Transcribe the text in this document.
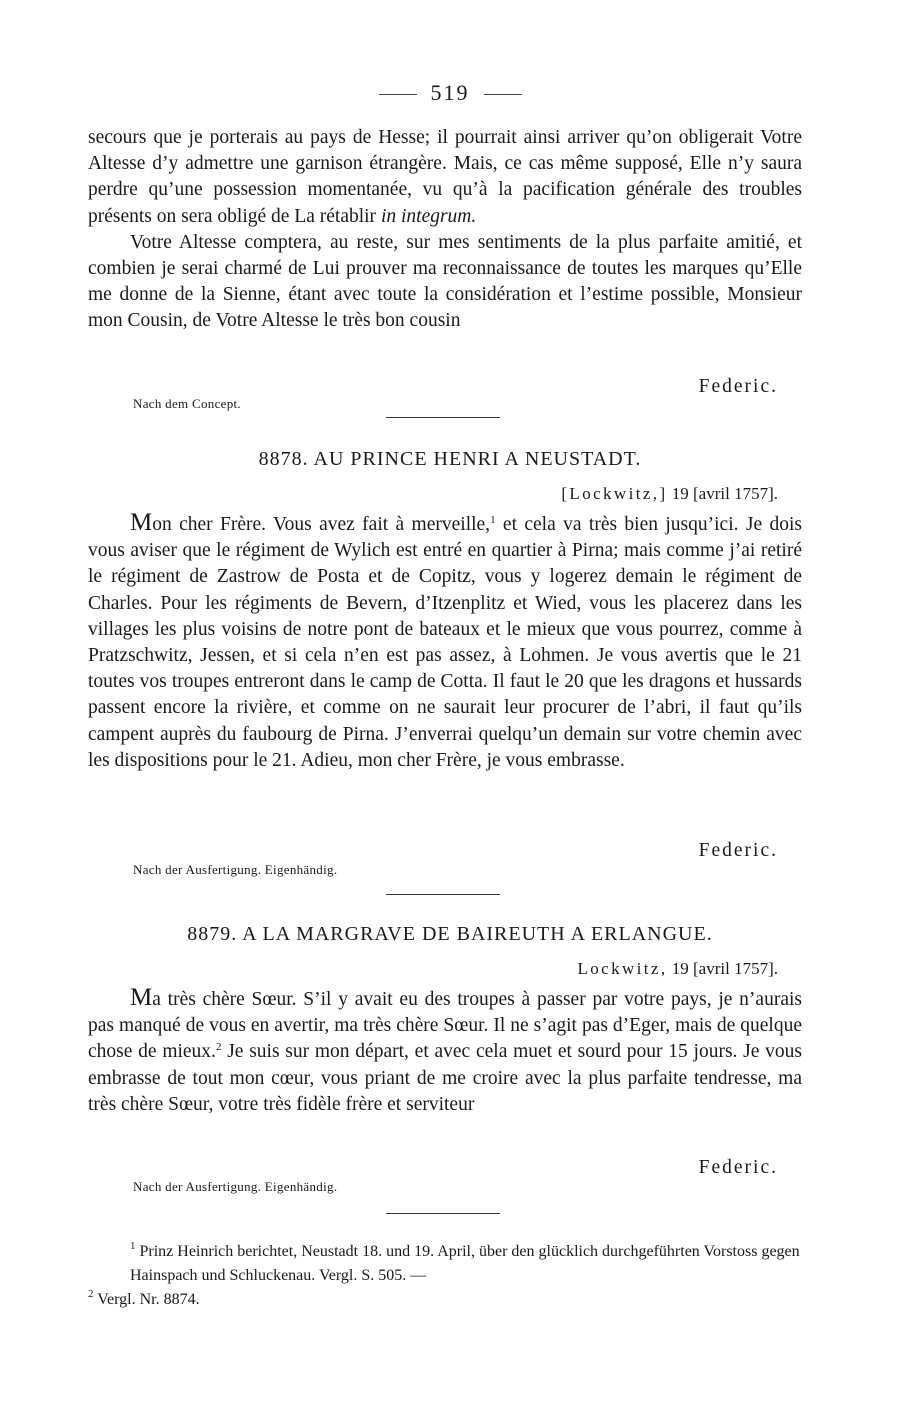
519

secours que je porterais au pays de Hesse; il pourrait ainsi arriver qu’on obligerait Votre Altesse d’y admettre une garnison étrangère. Mais, ce cas même supposé, Elle n’y saura perdre qu’une possession momentanée, vu qu’à la pacification générale des troubles présents on sera obligé de La rétablir in integrum.

Votre Altesse comptera, au reste, sur mes sentiments de la plus parfaite amitié, et combien je serai charmé de Lui prouver ma reconnaissance de toutes les marques qu’Elle me donne de la Sienne, étant avec toute la considération et l’estime possible, Monsieur mon Cousin, de Votre Altesse le très bon cousin

Federic.
Nach dem Concept.
8878. AU PRINCE HENRI A NEUSTADT.
[Lockwitz,] 19 [avril 1757].

Mon cher Frère. Vous avez fait à merveille,$^1$ et cela va très bien jusqu’ici. Je dois vous aviser que le régiment de Wylich est entré en quartier à Pirna; mais comme j’ai retiré le régiment de Zastrow de Posta et de Copitz, vous y logerez demain le régiment de Charles. Pour les régiments de Bevern, d’Itzenplitz et Wied, vous les placerez dans les villages les plus voisins de notre pont de bateaux et le mieux que vous pourrez, comme à Pratzschwitz, Jessen, et si cela n’en est pas assez, à Lohmen. Je vous avertis que le 21 toutes vos troupes entreront dans le camp de Cotta. Il faut le 20 que les dragons et hussards passent encore la rivière, et comme on ne saurait leur procurer de l’abri, il faut qu’ils campent auprès du faubourg de Pirna. J’enverrai quelqu’un demain sur votre chemin avec les dispositions pour le 21. Adieu, mon cher Frère, je vous embrasse.

Federic.
Nach der Ausfertigung. Eigenhändig.
8879. A LA MARGRAVE DE BAIREUTH A ERLANGUE.
Lockwitz, 19 [avril 1757].

Ma très chère Sœur. S’il y avait eu des troupes à passer par votre pays, je n’aurais pas manqué de vous en avertir, ma très chère Sœur. Il ne s’agit pas d’Eger, mais de quelque chose de mieux.$^2$ Je suis sur mon départ, et avec cela muet et sourd pour 15 jours. Je vous embrasse de tout mon cœur, vous priant de me croire avec la plus parfaite tendresse, ma très chère Sœur, votre très fidèle frère et serviteur

Federic.
Nach der Ausfertigung. Eigenhändig.

$^1$ Prinz Heinrich berichtet, Neustadt 18. und 19. April, über den glücklich durchgeführten Vorstoss gegen Hainspach und Schluckenau. Vergl. S. 505. —

$^2$ Vergl. Nr. 8874.
